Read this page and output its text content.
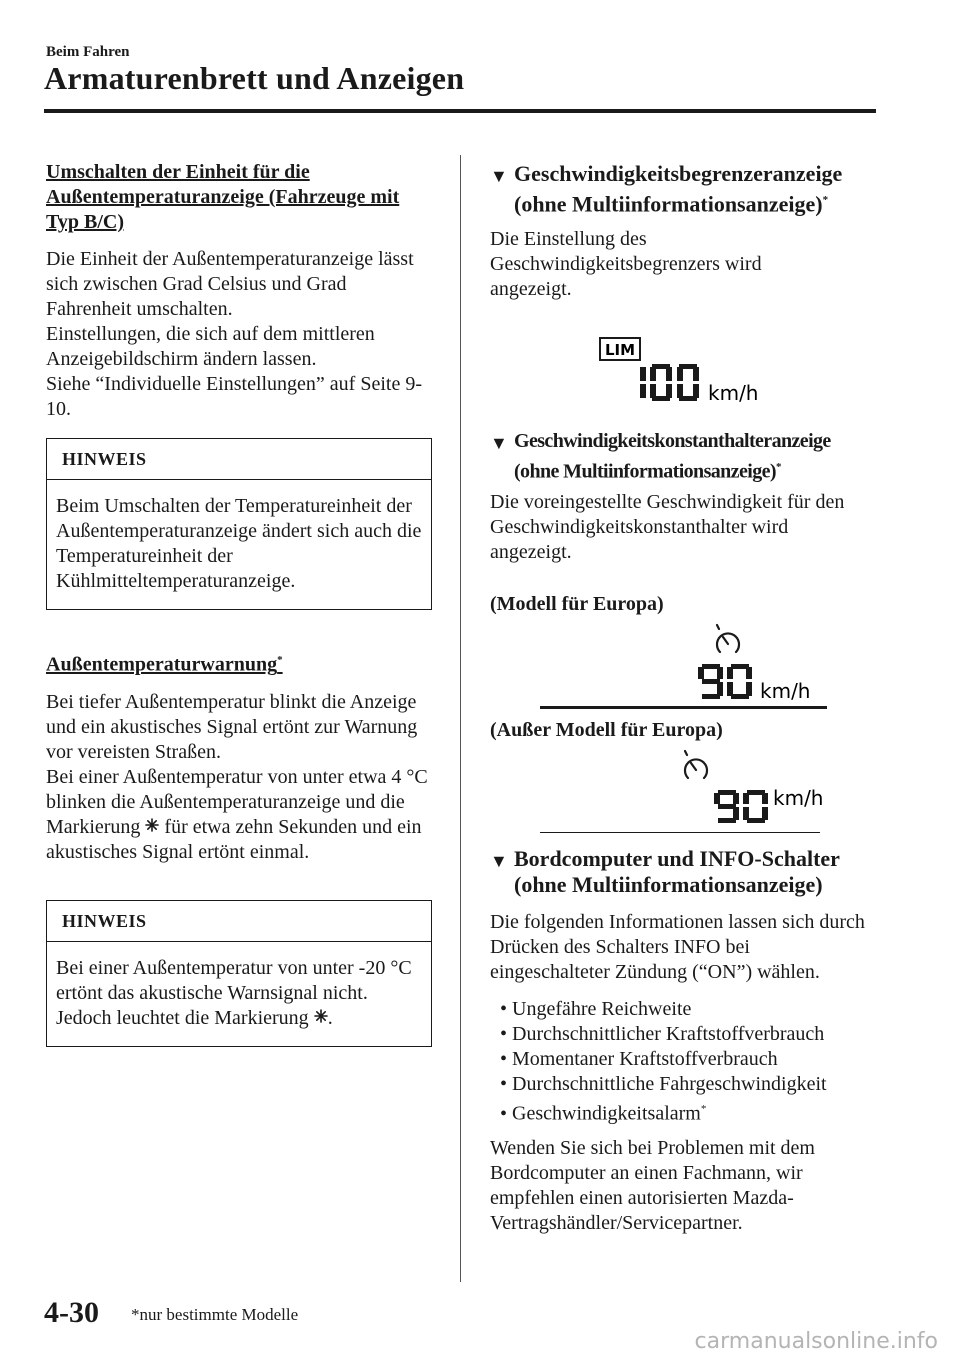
Beim Fahren
Armaturenbrett und Anzeigen
Umschalten der Einheit für die Außentemperaturanzeige (Fahrzeuge mit Typ B/C)

Die Einheit der Außentemperaturanzeige lässt sich zwischen Grad Celsius und Grad Fahrenheit umschalten.

Einstellungen, die sich auf dem mittleren Anzeigebildschirm ändern lassen.

Siehe “Individuelle Einstellungen” auf Seite 9-10.

HINWEIS
Beim Umschalten der Temperatureinheit der Außentemperaturanzeige ändert sich auch die Temperatureinheit der Kühlmitteltemperaturanzeige.
Außentemperaturwarnung*

Bei tiefer Außentemperatur blinkt die Anzeige und ein akustisches Signal ertönt zur Warnung vor vereisten Straßen.

Bei einer Außentemperatur von unter etwa 4 °C blinken die Außentemperaturanzeige und die Markierung für etwa zehn Sekunden und ein akustisches Signal ertönt einmal.

HINWEIS
Bei einer Außentemperatur von unter -20 °C ertönt das akustische Warnsignal nicht. Jedoch leuchtet die Markierung .
▼ Geschwindigkeitsbegrenzeranzeige
(ohne Multiinformationsanzeige)*
Die Einstellung des Geschwindigkeitsbegrenzers wird angezeigt.
LIM
km/h
▼ Geschwindigkeitskonstanthalteranzeige
(ohne Multiinformationsanzeige)*
Die voreingestellte Geschwindigkeit für den Geschwindigkeitskonstanthalter wird angezeigt.
(Modell für Europa)
km/h
(Außer Modell für Europa)
km/h
▼ Bordcomputer und INFO-Schalter
(ohne Multiinformationsanzeige)
Die folgenden Informationen lassen sich durch Drücken des Schalters INFO bei eingeschalteter Zündung (“ON”) wählen.
• Ungefähre Reichweite
• Durchschnittlicher Kraftstoffverbrauch
• Momentaner Kraftstoffverbrauch
• Durchschnittliche Fahrgeschwindigkeit
• Geschwindigkeitsalarm*
Wenden Sie sich bei Problemen mit dem Bordcomputer an einen Fachmann, wir empfehlen einen autorisierten Mazda-Vertragshändler/Servicepartner.
4-30 *nur bestimmte Modelle
carmanualsonline.info
